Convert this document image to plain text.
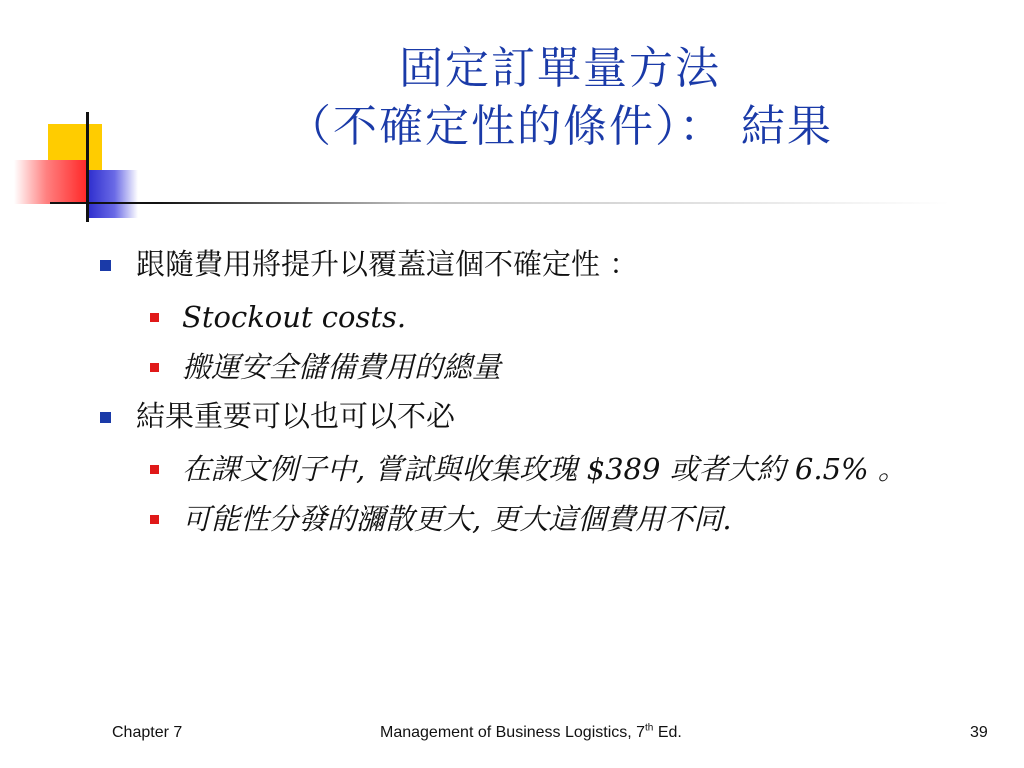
固定訂單量方法
（不確定性的條件）： 結果
跟隨費用將提升以覆蓋這個不確定性 ：
Stockout costs.
搬運安全儲備費用的總量
結果重要可以也可以不必
在課文例子中, 嘗試與收集玫瑰 $389 或者大約 6.5% 。
可能性分發的瀰散更大, 更大這個費用不同.
Chapter 7	Management of Business Logistics, 7th Ed.	39
